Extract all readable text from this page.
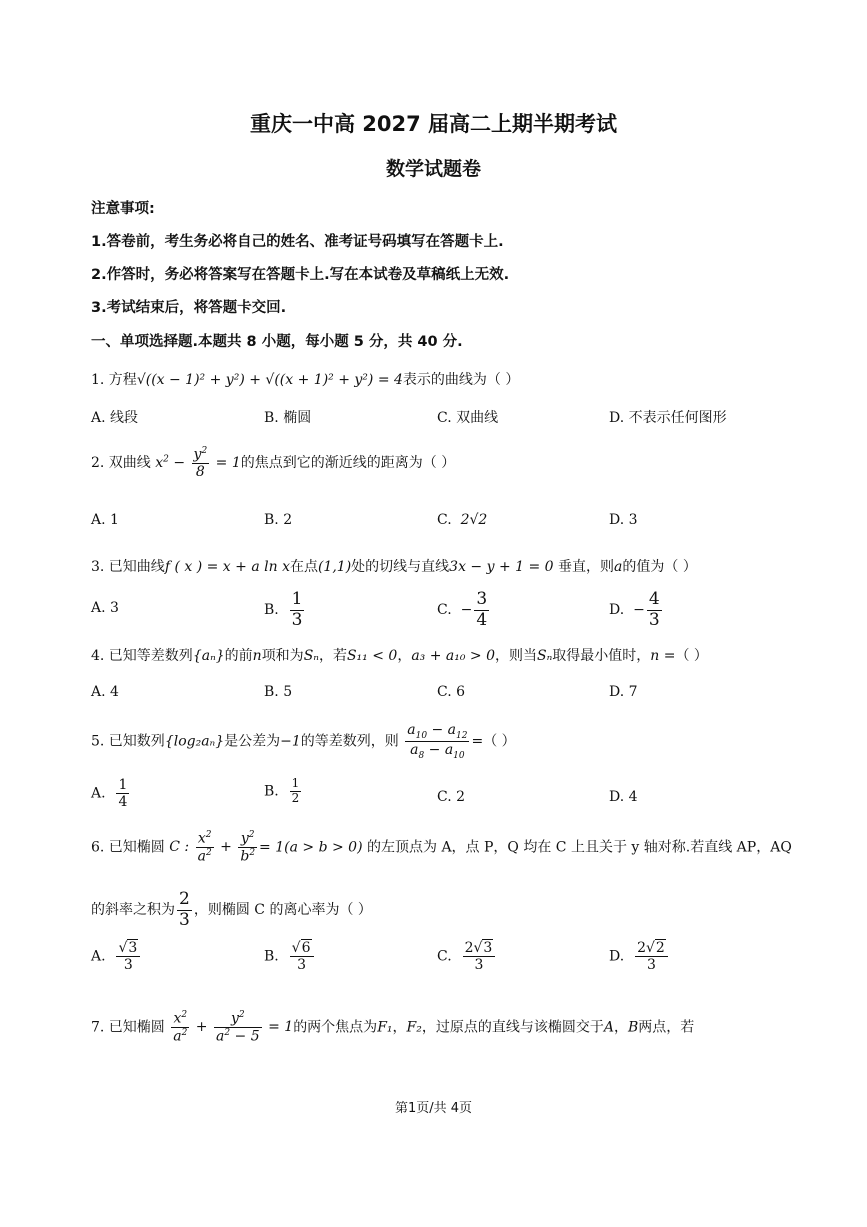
重庆一中高 2027 届高二上期半期考试
数学试题卷
注意事项:
1.答卷前，考生务必将自己的姓名、准考证号码填写在答题卡上.
2.作答时，务必将答案写在答题卡上.写在本试卷及草稿纸上无效.
3.考试结束后，将答题卡交回.
一、单项选择题.本题共 8 小题，每小题 5 分，共 40 分.
1. 方程√((x − 1)² + y²) + √((x + 1)² + y²) = 4表示的曲线为（ ）
A. 线段	B. 椭圆	C. 双曲线	D. 不表示任何图形
2. 双曲线 $x^2 - \frac{y^2}{8} = 1$的焦点到它的渐近线的距离为（ ）
A. 1	B. 2	C. 2√2	D. 3
3. 已知曲线f ( x ) = x + a ln x在点(1,1)处的切线与直线3x − y + 1 = 0 垂直，则a的值为（ ）
A. 3	B. $\frac{1}{3}$	C.  − $\frac{3}{4}$	D.  − $\frac{4}{3}$
4. 已知等差数列{aₙ}的前n项和为Sₙ，若S₁₁ < 0，a₃ + a₁₀ > 0，则当Sₙ取得最小值时，n =（ ）
A. 4	B. 5	C. 6	D. 7
5. 已知数列{log₂aₙ}是公差为−1的等差数列，则 $\frac{a_{10} - a_{12}}{a_8 - a_{10}}$ =（ ）
A. $\frac{1}{4}$	B. $\frac{1}{2}$	C. 2	D. 4
6. 已知椭圆 C : $\frac{x^2}{a^2} + \frac{y^2}{b^2} = 1(a > b > 0)$ 的左顶点为 A，点 P，Q 均在 C 上且关于 y 轴对称.若直线 AP，AQ
的斜率之积为 $\frac{2}{3}$ ，则椭圆 C 的离心率为（ ）
A. $\frac{√3}{3}$	B. $\frac{√6}{3}$	C. $\frac{2√3}{3}$	D. $\frac{2√2}{3}$
7. 已知椭圆 $\frac{x^2}{a^2} + \frac{y^2}{a^2 - 5} = 1$的两个焦点为F₁，F₂，过原点的直线与该椭圆交于A，B两点，若
第1页/共 4页
